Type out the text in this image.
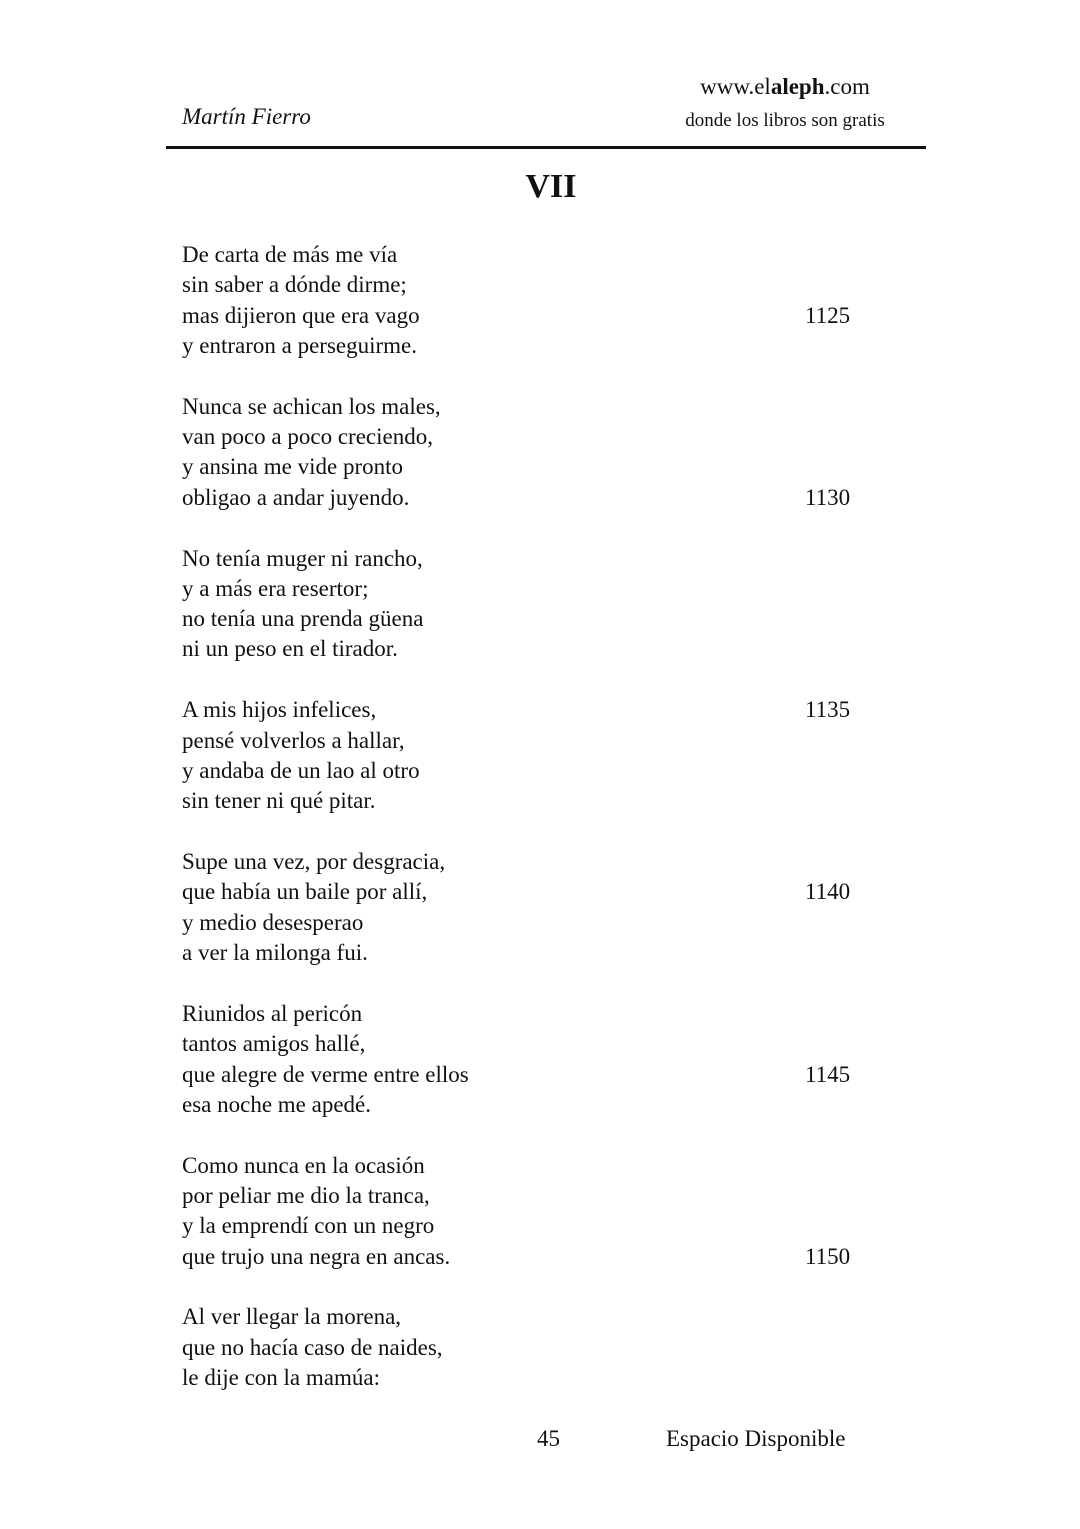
Martín Fierro
www.elaleph.com
donde los libros son gratis
VII
De carta de más me vía
sin saber a dónde dirme;
mas dijieron que era vago	1125
y entraron a perseguirme.
Nunca se achican los males,
van poco a poco creciendo,
y ansina me vide pronto
obligao a andar juyendo.	1130
No tenía muger ni rancho,
y a más era resertor;
no tenía una prenda güena
ni un peso en el tirador.
A mis hijos infelices,	1135
pensé volverlos a hallar,
y andaba de un lao al otro
sin tener ni qué pitar.
Supe una vez, por desgracia,
que había un baile por allí,	1140
y medio desesperao
a ver la milonga fui.
Riunidos al pericón
tantos amigos hallé,
que alegre de verme entre ellos	1145
esa noche me apedé.
Como nunca en la ocasión
por peliar me dio la tranca,
y la emprendí con un negro
que trujo una negra en ancas.	1150
Al ver llegar la morena,
que no hacía caso de naides,
le dije con la mamúa:
45	Espacio Disponible
